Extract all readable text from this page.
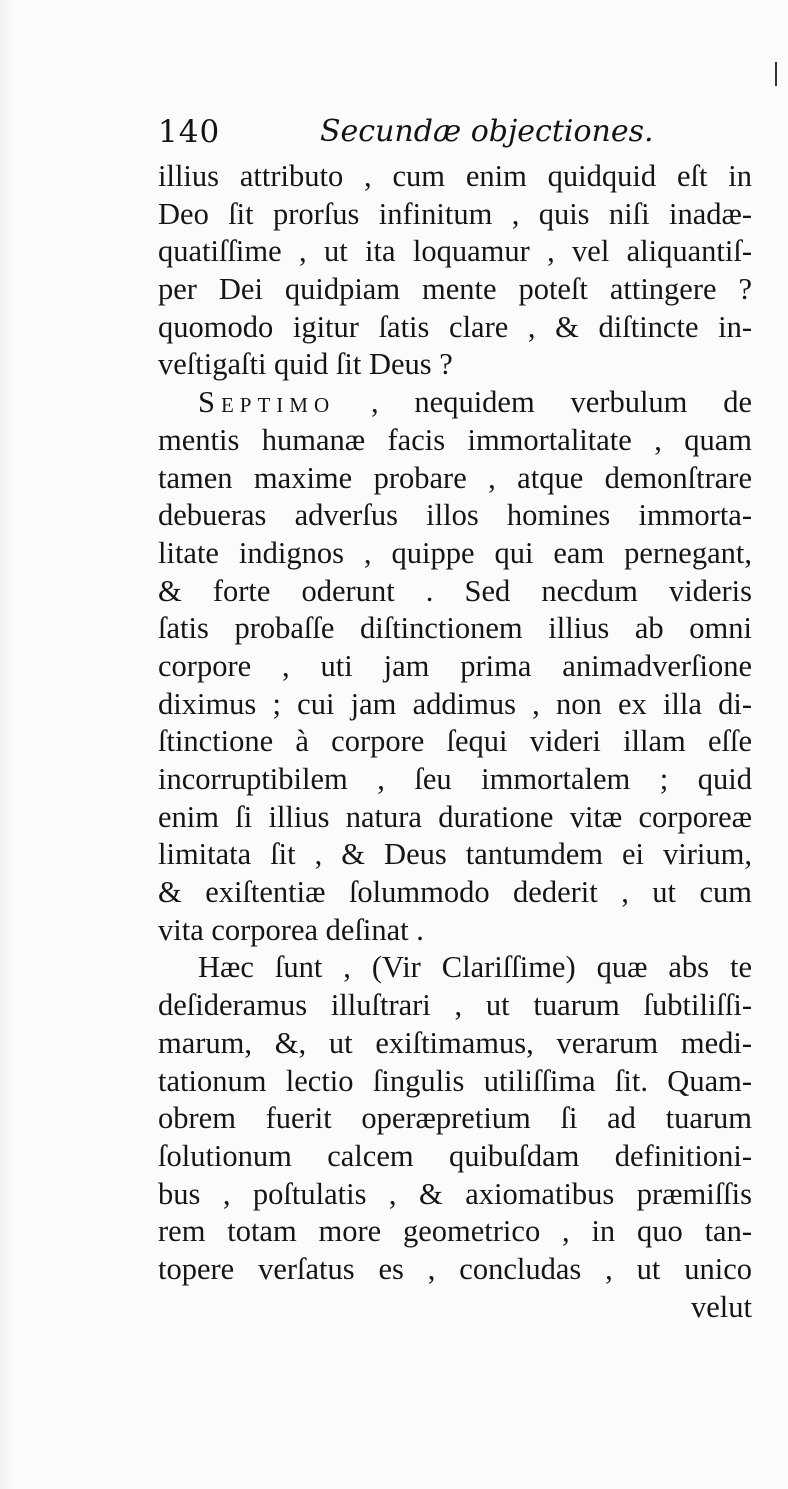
140	Secundæ objectiones.
illius attributo , cum enim quidquid eſt in
Deo ſit prorſus infinitum , quis niſi inadæ-
quatiſſime , ut ita loquamur , vel aliquantiſ-
per Dei quidpiam mente poteſt attingere ?
quomodo igitur ſatis clare , & diſtincte in-
veſtigaſti quid ſit Deus ?
Septimo , nequidem verbulum de
mentis humanæ facis immortalitate , quam
tamen maxime probare , atque demonſtrare
debueras adverſus illos homines immorta-
litate indignos , quippe qui eam pernegant,
& forte oderunt . Sed necdum videris
ſatis probaſſe diſtinctionem illius ab omni
corpore , uti jam prima animadverſione
diximus ; cui jam addimus , non ex illa di-
ſtinctione à corpore ſequi videri illam eſſe
incorruptibilem , ſeu immortalem ; quid
enim ſi illius natura duratione vitæ corporeæ
limitata ſit , & Deus tantumdem ei virium,
& exiſtentiæ ſolummodo dederit , ut cum
vita corporea deſinat .
Hæc ſunt , (Vir Clariſſime) quæ abs te
deſideramus illuſtrari , ut tuarum ſubtiliſſi-
marum, &, ut exiſtimamus, verarum medi-
tationum lectio ſingulis utiliſſima ſit. Quam-
obrem fuerit operæpretium ſi ad tuarum
ſolutionum calcem quibuſdam definitioni-
bus , poſtulatis , & axiomatibus præmiſſis
rem totam more geometrico , in quo tan-
topere verſatus es , concludas , ut unico
velut
